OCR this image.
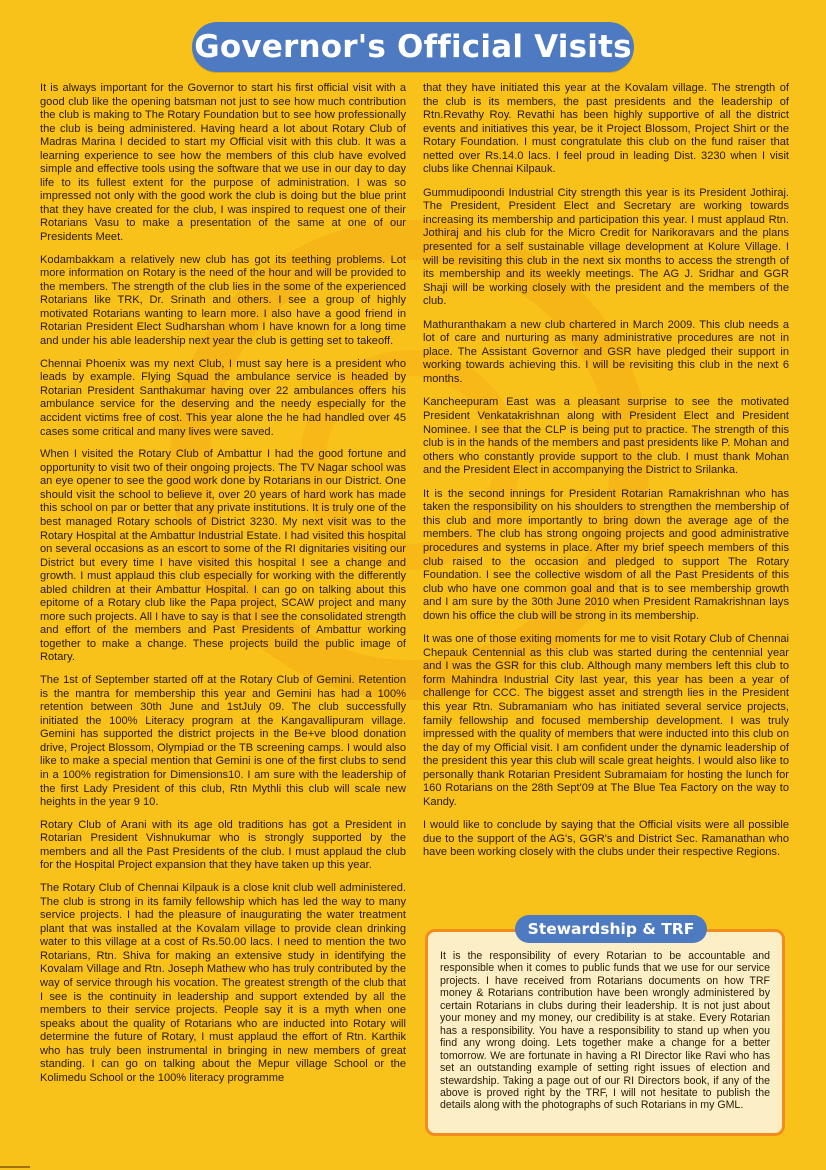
Governor's Official Visits

It is always important for the Governor to start his first official visit with a good club like the opening batsman not just to see how much contribution the club is making to The Rotary Foundation but to see how professionally the club is being administered. Having heard a lot about Rotary Club of Madras Marina I decided to start my Official visit with this club. It was a learning experience to see how the members of this club have evolved simple and effective tools using the software that we use in our day to day life to its fullest extent for the purpose of administration. I was so impressed not only with the good work the club is doing but the blue print that they have created for the club, I was inspired to request one of their Rotarians Vasu to make a presentation of the same at one of our Presidents Meet.

Kodambakkam a relatively new club has got its teething problems. Lot more information on Rotary is the need of the hour and will be provided to the members. The strength of the club lies in the some of the experienced Rotarians like TRK, Dr. Srinath and others. I see a group of highly motivated Rotarians wanting to learn more. I also have a good friend in Rotarian President Elect Sudharshan whom I have known for a long time and under his able leadership next year the club is getting set to takeoff.

Chennai Phoenix was my next Club, I must say here is a president who leads by example. Flying Squad the ambulance service is headed by Rotarian President Santhakumar having over 22 ambulances offers his ambulance service for the deserving and the needy especially for the accident victims free of cost. This year alone the he had handled over 45 cases some critical and many lives were saved.

When I visited the Rotary Club of Ambattur I had the good fortune and opportunity to visit two of their ongoing projects. The TV Nagar school was an eye opener to see the good work done by Rotarians in our District. One should visit the school to believe it, over 20 years of hard work has made this school on par or better that any private institutions. It is truly one of the best managed Rotary schools of District 3230. My next visit was to the Rotary Hospital at the Ambattur Industrial Estate. I had visited this hospital on several occasions as an escort to some of the RI dignitaries visiting our District but every time I have visited this hospital I see a change and growth. I must applaud this club especially for working with the differently abled children at their Ambattur Hospital. I can go on talking about this epitome of a Rotary club like the Papa project, SCAW project and many more such projects. All I have to say is that I see the consolidated strength and effort of the members and Past Presidents of Ambattur working together to make a change. These projects build the public image of Rotary.

The 1st of September started off at the Rotary Club of Gemini. Retention is the mantra for membership this year and Gemini has had a 100% retention between 30th June and 1stJuly 09. The club successfully initiated the 100% Literacy program at the Kangavallipuram village. Gemini has supported the district projects in the Be+ve blood donation drive, Project Blossom, Olympiad or the TB screening camps. I would also like to make a special mention that Gemini is one of the first clubs to send in a 100% registration for Dimensions10. I am sure with the leadership of the first Lady President of this club, Rtn Mythli this club will scale new heights in the year 9 10.

Rotary Club of Arani with its age old traditions has got a President in Rotarian President Vishnukumar who is strongly supported by the members and all the Past Presidents of the club. I must applaud the club for the Hospital Project expansion that they have taken up this year.

The Rotary Club of Chennai Kilpauk is a close knit club well administered. The club is strong in its family fellowship which has led the way to many service projects. I had the pleasure of inaugurating the water treatment plant that was installed at the Kovalam village to provide clean drinking water to this village at a cost of Rs.50.00 lacs. I need to mention the two Rotarians, Rtn. Shiva for making an extensive study in identifying the Kovalam Village and Rtn. Joseph Mathew who has truly contributed by the way of service through his vocation. The greatest strength of the club that I see is the continuity in leadership and support extended by all the members to their service projects. People say it is a myth when one speaks about the quality of Rotarians who are inducted into Rotary will determine the future of Rotary, I must applaud the effort of Rtn. Karthik who has truly been instrumental in bringing in new members of great standing. I can go on talking about the Mepur village School or the Kolimedu School or the 100% literacy programme

that they have initiated this year at the Kovalam village. The strength of the club is its members, the past presidents and the leadership of Rtn.Revathy Roy. Revathi has been highly supportive of all the district events and initiatives this year, be it Project Blossom, Project Shirt or the Rotary Foundation. I must congratulate this club on the fund raiser that netted over Rs.14.0 lacs. I feel proud in leading Dist. 3230 when I visit clubs like Chennai Kilpauk.

Gummudipoondi Industrial City strength this year is its President Jothiraj. The President, President Elect and Secretary are working towards increasing its membership and participation this year. I must applaud Rtn. Jothiraj and his club for the Micro Credit for Narikoravars and the plans presented for a self sustainable village development at Kolure Village. I will be revisiting this club in the next six months to access the strength of its membership and its weekly meetings. The AG J. Sridhar and GGR Shaji will be working closely with the president and the members of the club.

Mathuranthakam a new club chartered in March 2009. This club needs a lot of care and nurturing as many administrative procedures are not in place. The Assistant Governor and GSR have pledged their support in working towards achieving this. I will be revisiting this club in the next 6 months.

Kancheepuram East was a pleasant surprise to see the motivated President Venkatakrishnan along with President Elect and President Nominee. I see that the CLP is being put to practice. The strength of this club is in the hands of the members and past presidents like P. Mohan and others who constantly provide support to the club. I must thank Mohan and the President Elect in accompanying the District to Srilanka.

It is the second innings for President Rotarian Ramakrishnan who has taken the responsibility on his shoulders to strengthen the membership of this club and more importantly to bring down the average age of the members. The club has strong ongoing projects and good administrative procedures and systems in place. After my brief speech members of this club raised to the occasion and pledged to support The Rotary Foundation. I see the collective wisdom of all the Past Presidents of this club who have one common goal and that is to see membership growth and I am sure by the 30th June 2010 when President Ramakrishnan lays down his office the club will be strong in its membership.

It was one of those exiting moments for me to visit Rotary Club of Chennai Chepauk Centennial as this club was started during the centennial year and I was the GSR for this club. Although many members left this club to form Mahindra Industrial City last year, this year has been a year of challenge for CCC. The biggest asset and strength lies in the President this year Rtn. Subramaniam who has initiated several service projects, family fellowship and focused membership development. I was truly impressed with the quality of members that were inducted into this club on the day of my Official visit. I am confident under the dynamic leadership of the president this year this club will scale great heights. I would also like to personally thank Rotarian President Subramaiam for hosting the lunch for 160 Rotarians on the 28th Sept'09 at The Blue Tea Factory on the way to Kandy.

I would like to conclude by saying that the Official visits were all possible due to the support of the AG's, GGR's and District Sec. Ramanathan who have been working closely with the clubs under their respective Regions.

Stewardship & TRF
It is the responsibility of every Rotarian to be accountable and responsible when it comes to public funds that we use for our service projects. I have received from Rotarians documents on how TRF money & Rotarians contribution have been wrongly administered by certain Rotarians in clubs during their leadership. It is not just about your money and my money, our credibility is at stake. Every Rotarian has a responsibility. You have a responsibility to stand up when you find any wrong doing. Lets together make a change for a better tomorrow. We are fortunate in having a RI Director like Ravi who has set an outstanding example of setting right issues of election and stewardship. Taking a page out of our RI Directors book, if any of the above is proved right by the TRF, I will not hesitate to publish the details along with the photographs of such Rotarians in my GML.
